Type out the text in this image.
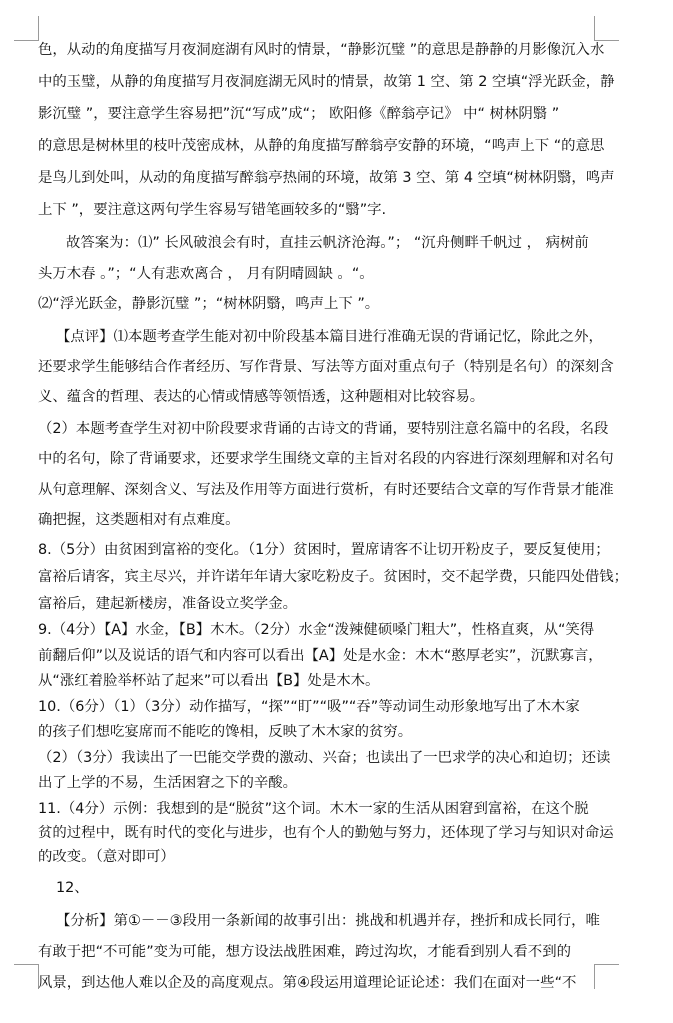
色，从动的角度描写月夜洞庭湖有风时的情景，“静影沉璧 ”的意思是静静的月影像沉入水
中的玉璧，从静的角度描写月夜洞庭湖无风时的情景，故第 1 空、第 2 空填“浮光跃金，静
影沉璧 ”，要注意学生容易把”沉“写成”成“； 欧阳修《醉翁亭记》 中“ 树林阴翳 ”
的意思是树林里的枝叶茂密成林，从静的角度描写醉翁亭安静的环境，“鸣声上下 “的意思
是鸟儿到处叫，从动的角度描写醉翁亭热闹的环境，故第 3 空、第 4 空填“树林阴翳，鸣声
上下 ”，要注意这两句学生容易写错笔画较多的“翳”字.
故答案为：⑴” 长风破浪会有时，直挂云帆济沧海。”； “沉舟侧畔千帆过 ， 病树前
头万木春 。”；“人有悲欢离合 ， 月有阴晴圆缺 。“。
⑵“浮光跃金，静影沉璧 ”；“树林阴翳，鸣声上下 ”。
【点评】⑴本题考查学生能对初中阶段基本篇目进行准确无误的背诵记忆，除此之外，
还要求学生能够结合作者经历、写作背景、写法等方面对重点句子（特别是名句）的深刻含
义、蕴含的哲理、表达的心情或情感等领悟透，这种题相对比较容易。
（2）本题考查学生对初中阶段要求背诵的古诗文的背诵，要特别注意名篇中的名段，名段
中的名句，除了背诵要求，还要求学生围绕文章的主旨对名段的内容进行深刻理解和对名句
从句意理解、深刻含义、写法及作用等方面进行赏析，有时还要结合文章的写作背景才能准
确把握，这类题相对有点难度。
8.（5分）由贫困到富裕的变化。（1分）贫困时，置席请客不让切开粉皮子，要反复使用；
富裕后请客，宾主尽兴，并许诺年年请大家吃粉皮子。贫困时，交不起学费，只能四处借钱；
富裕后，建起新楼房，准备设立奖学金。
9.（4分）【A】水金，【B】木木。（2分）水金“泼辣健硕嗓门粗大”，性格直爽，从“笑得
前翻后仰”以及说话的语气和内容可以看出【A】处是水金：木木“憨厚老实”，沉默寡言，
从“涨红着脸举杯站了起来”可以看出【B】处是木木。
10.（6分）（1）（3分）动作描写，“探”“盯”“吸”“吞”等动词生动形象地写出了木木家
的孩子们想吃宴席而不能吃的馋相，反映了木木家的贫穷。
（2）（3分）我读出了一巴能交学费的激动、兴奋；也读出了一巴求学的决心和迫切；还读
出了上学的不易，生活困窘之下的辛酸。
11.（4分）示例：我想到的是“脱贫”这个词。木木一家的生活从困窘到富裕，在这个脱
贫的过程中，既有时代的变化与进步，也有个人的勤勉与努力，还体现了学习与知识对命运
的改变。（意对即可）
12、
【分析】第①－－③段用一条新闻的故事引出：挑战和机遇并存，挫折和成长同行，唯
有敢于把“不可能”变为可能，想方设法战胜困难，跨过沟坎，才能看到别人看不到的
风景，到达他人难以企及的高度观点。第④段运用道理论证论述：我们在面对一些“不
